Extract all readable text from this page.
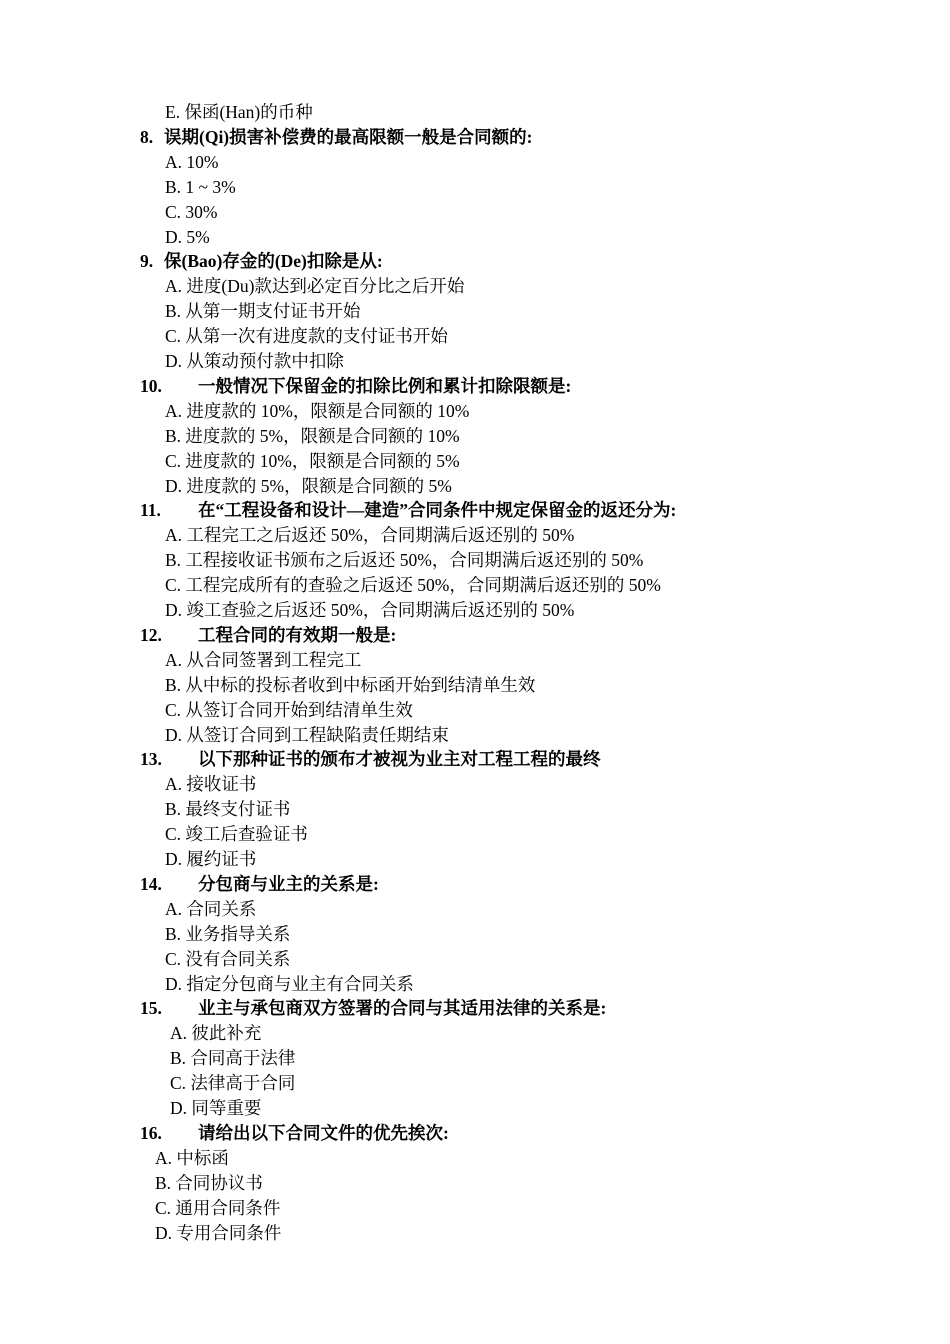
E. 保函(Han)的币种
8. 误期(Qi)损害补偿费的最高限额一般是合同额的:
A. 10%
B. 1 ~ 3%
C. 30%
D. 5%
9. 保(Bao)存金的(De)扣除是从:
A. 进度(Du)款达到必定百分比之后开始
B. 从第一期支付证书开始
C. 从第一次有进度款的支付证书开始
D. 从策动预付款中扣除
10. 一般情况下保留金的扣除比例和累计扣除限额是:
A. 进度款的 10%，限额是合同额的 10%
B. 进度款的 5%，限额是合同额的 10%
C. 进度款的 10%，限额是合同额的 5%
D. 进度款的 5%，限额是合同额的 5%
11. 在“工程设备和设计—建造”合同条件中规定保留金的返还分为:
A. 工程完工之后返还 50%，合同期满后返还别的 50%
B. 工程接收证书颁布之后返还 50%，合同期满后返还别的 50%
C. 工程完成所有的查验之后返还 50%，合同期满后返还别的 50%
D. 竣工查验之后返还 50%，合同期满后返还别的 50%
12. 工程合同的有效期一般是:
A. 从合同签署到工程完工
B. 从中标的投标者收到中标函开始到结清单生效
C. 从签订合同开始到结清单生效
D. 从签订合同到工程缺陷责任期结束
13. 以下那种证书的颁布才被视为业主对工程工程的最终
A. 接收证书
B. 最终支付证书
C. 竣工后查验证书
D. 履约证书
14. 分包商与业主的关系是:
A. 合同关系
B. 业务指导关系
C. 没有合同关系
D. 指定分包商与业主有合同关系
15. 业主与承包商双方签署的合同与其适用法律的关系是:
A. 彼此补充
B. 合同高于法律
C. 法律高于合同
D. 同等重要
16. 请给出以下合同文件的优先挨次:
A. 中标函
B. 合同协议书
C. 通用合同条件
D. 专用合同条件
